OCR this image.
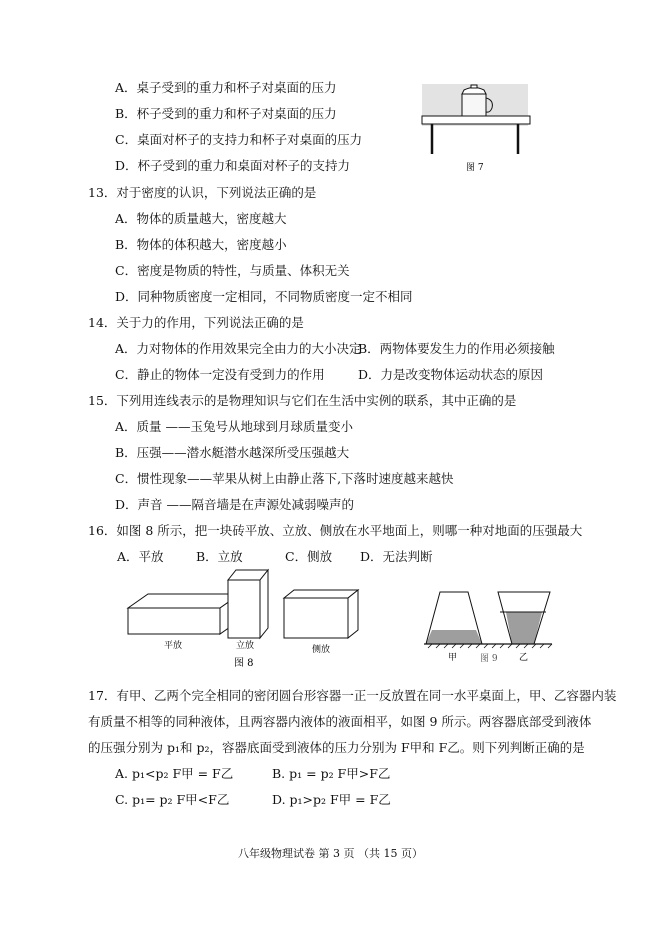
A．桌子受到的重力和杯子对桌面的压力
B．杯子受到的重力和杯子对桌面的压力
C．桌面对杯子的支持力和杯子对桌面的压力
D．杯子受到的重力和桌面对杯子的支持力	图 7
13．对于密度的认识，下列说法正确的是
A．物体的质量越大，密度越大
B．物体的体积越大，密度越小
C．密度是物质的特性，与质量、体积无关
D．同种物质密度一定相同，不同物质密度一定不相同
14．关于力的作用，下列说法正确的是
A．力对物体的作用效果完全由力的大小决定
B．两物体要发生力的作用必须接触
C．静止的物体一定没有受到力的作用	D．力是改变物体运动状态的原因
15．下列用连线表示的是物理知识与它们在生活中实例的联系，其中正确的是
A．质量 ——玉兔号从地球到月球质量变小
B．压强——潜水艇潜水越深所受压强越大
C．惯性现象——苹果从树上由静止落下,下落时速度越来越快
D．声音 ——隔音墙是在声源处减弱噪声的
16．如图 8 所示，把一块砖平放、立放、侧放在水平地面上，则哪一种对地面的压强最大
A．平放	B．立放	C．侧放 D．无法判断
平放	立放	侧放
图 8	甲	图 9 乙
17．有甲、乙两个完全相同的密闭圆台形容器一正一反放置在同一水平桌面上，甲、乙容器内装
有质量不相等的同种液体，且两容器内液体的液面相平，如图 9 所示。两容器底部受到液体
的压强分别为 p₁和 p₂，容器底面受到液体的压力分别为 F甲和 F乙。则下列判断正确的是
A. p₁<p₂ F甲 = F乙	B. p₁ = p₂ F甲>F乙
C. p₁= p₂ F甲<F乙	D. p₁>p₂ F甲 = F乙
八年级物理试卷 第 3 页 （共 15 页）
